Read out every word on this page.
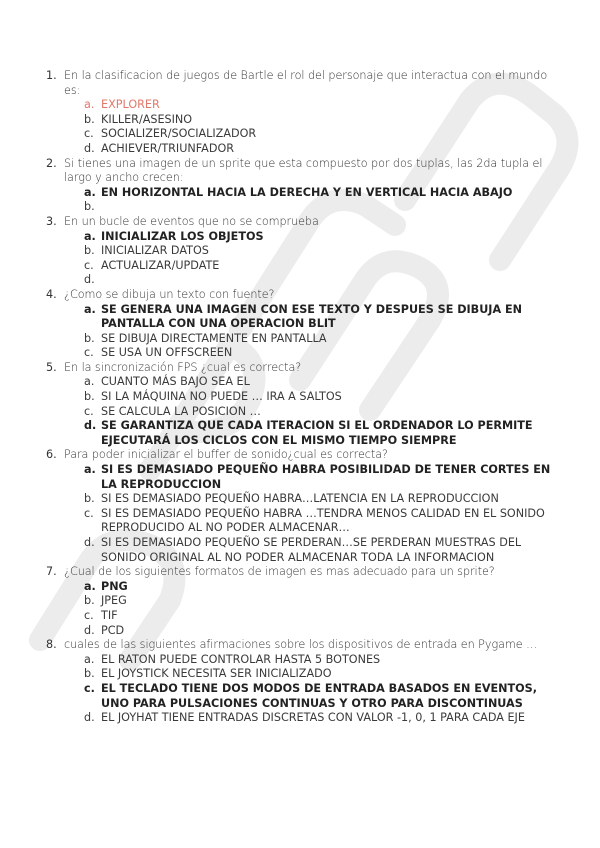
1. En la clasificacion de juegos de Bartle el rol del personaje que interactua con el mundo es:
a. EXPLORER
b. KILLER/ASESINO
c. SOCIALIZER/SOCIALIZADOR
d. ACHIEVER/TRIUNFADOR
2. Si tienes una imagen de un sprite que esta compuesto por dos tuplas, las 2da tupla el largo y ancho crecen:
a. EN HORIZONTAL HACIA LA DERECHA Y EN VERTICAL HACIA ABAJO
b.
3. En un bucle de eventos que no se comprueba
a. INICIALIZAR LOS OBJETOS
b. INICIALIZAR DATOS
c. ACTUALIZAR/UPDATE
d.
4. ¿Como se dibuja un texto con fuente?
a. SE GENERA UNA IMAGEN CON ESE TEXTO Y DESPUES SE DIBUJA EN PANTALLA CON UNA OPERACION BLIT
b. SE DIBUJA DIRECTAMENTE EN PANTALLA
c. SE USA UN OFFSCREEN
5. En la sincronización FPS ¿cual es correcta?
a. CUANTO MÁS BAJO SEA EL
b. SI LA MÁQUINA NO PUEDE … IRA A SALTOS
c. SE CALCULA LA POSICION …
d. SE GARANTIZA QUE CADA ITERACION SI EL ORDENADOR LO PERMITE EJECUTARÁ LOS CICLOS CON EL MISMO TIEMPO SIEMPRE
6. Para poder inicializar el buffer de sonido¿cual es correcta?
a. SI ES DEMASIADO PEQUEÑO HABRA POSIBILIDAD DE TENER CORTES EN LA REPRODUCCION
b. SI ES DEMASIADO PEQUEÑO HABRA…LATENCIA EN LA REPRODUCCION
c. SI ES DEMASIADO PEQUEÑO HABRA …TENDRA MENOS CALIDAD EN EL SONIDO REPRODUCIDO AL NO PODER ALMACENAR…
d. SI ES DEMASIADO PEQUEÑO SE PERDERAN…SE PERDERAN MUESTRAS DEL SONIDO ORIGINAL AL NO PODER ALMACENAR TODA LA INFORMACION
7. ¿Cual de los siguientes formatos de imagen es mas adecuado para un sprite?
a. PNG
b. JPEG
c. TIF
d. PCD
8. cuales de las siguientes afirmaciones sobre los dispositivos de entrada en Pygame …
a. EL RATON PUEDE CONTROLAR HASTA 5 BOTONES
b. EL JOYSTICK NECESITA SER INICIALIZADO
c. EL TECLADO TIENE DOS MODOS DE ENTRADA BASADOS EN EVENTOS, UNO PARA PULSACIONES CONTINUAS Y OTRO PARA DISCONTINUAS
d. EL JOYHAT TIENE ENTRADAS DISCRETAS CON VALOR -1, 0, 1 PARA CADA EJE
